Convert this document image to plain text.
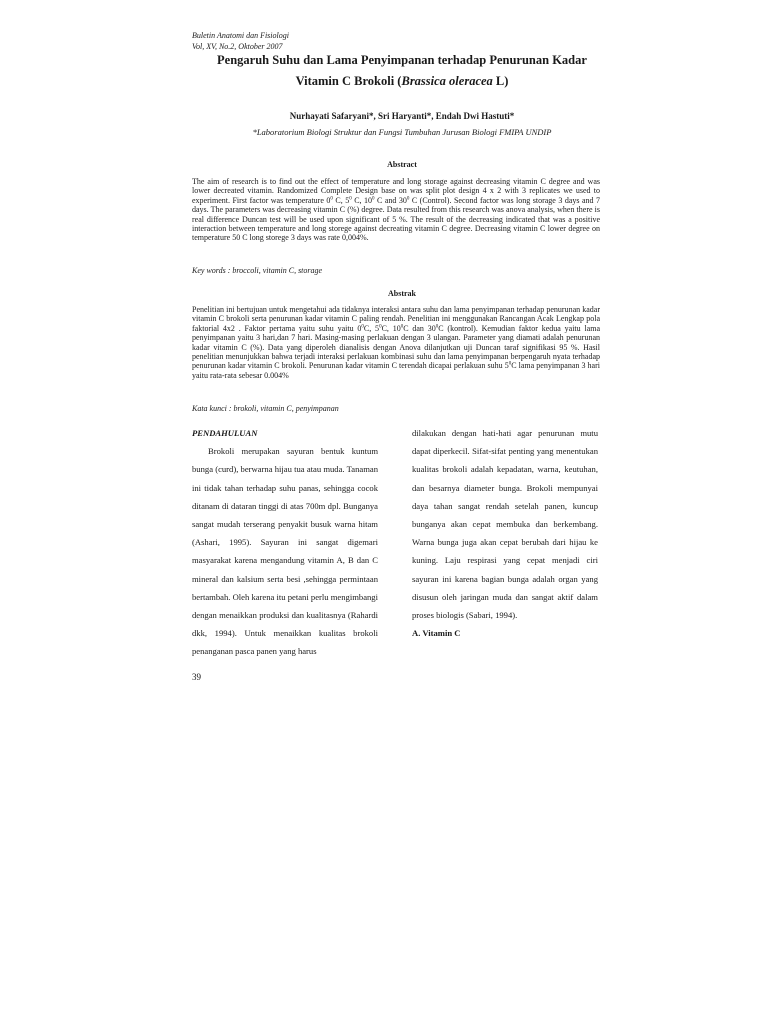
Buletin Anatomi dan Fisiologi
Vol, XV, No.2, Oktober 2007
Pengaruh Suhu dan Lama Penyimpanan terhadap Penurunan Kadar
Vitamin C Brokoli (Brassica oleracea L)
Nurhayati Safaryani*, Sri Haryanti*, Endah Dwi Hastuti*
*Laboratorium Biologi Struktur dan Fungsi Tumbuhan Jurusan Biologi FMIPA UNDIP
Abstract
The aim of research is to find out the effect of temperature and long storage against decreasing vitamin C degree and was lower decreated vitamin. Randomized Complete Design base on was split plot design 4 x 2 with 3 replicates we used to experiment. First factor was temperature $0^0$ C, $5^0$ C, $10^0$ C and $30^0$ C (Control). Second factor was long storage 3 days and 7 days. The parameters was decreasing vitamin C (%) degree. Data resulted from this research was anova analysis, when there is real difference Duncan test will be used upon significant of 5 %. The result of the decreasing indicated that was a positive interaction between temperature and long storege against decreating vitamin C degree. Decreasing vitamin C lower degree on temperature 50 C long storege 3 days was rate 0,004%.
Key words : broccoli, vitamin C, storage
Abstrak
Penelitian ini bertujuan untuk mengetahui ada tidaknya interaksi antara suhu dan lama penyimpanan terhadap penurunan kadar vitamin C brokoli serta penurunan kadar vitamin C paling rendah. Penelitian ini menggunakan Rancangan Acak Lengkap pola faktorial 4x2 . Faktor pertama yaitu suhu yaitu $0^0C$, $5^0C$, $10^0C$ dan $30^0C$ (kontrol). Kemudian faktor kedua yaitu lama penyimpanan yaitu 3 hari,dan 7 hari. Masing-masing perlakuan dengan 3 ulangan. Parameter yang diamati adalah penurunan kadar vitamin C (%). Data yang diperoleh dianalisis dengan Anova dilanjutkan uji Duncan taraf signifikasi 95 %. Hasil penelitian menunjukkan bahwa terjadi interaksi perlakuan kombinasi suhu dan lama penyimpanan berpengaruh nyata terhadap penurunan kadar vitamin C brokoli. Penurunan kadar vitamin C terendah dicapai perlakuan suhu $5^0C$ lama penyimpanan 3 hari yaitu rata-rata sebesar 0.004%
Kata kunci : brokoli, vitamin C, penyimpanan

PENDAHULUAN

Brokoli merupakan sayuran bentuk kuntum bunga (curd), berwarna hijau tua atau muda. Tanaman ini tidak tahan terhadap suhu panas, sehingga cocok ditanam di dataran tinggi di atas 700m dpl. Bunganya sangat mudah terserang penyakit busuk warna hitam (Ashari, 1995). Sayuran ini sangat digemari masyarakat karena mengandung vitamin A, B dan C mineral dan kalsium serta besi ,sehingga permintaan bertambah. Oleh karena itu petani perlu mengimbangi dengan menaikkan produksi dan kualitasnya (Rahardi dkk, 1994). Untuk menaikkan kualitas brokoli penanganan pasca panen yang harus

dilakukan dengan hati-hati agar penurunan mutu dapat diperkecil. Sifat-sifat penting yang menentukan kualitas brokoli adalah kepadatan, warna, keutuhan, dan besarnya diameter bunga. Brokoli mempunyai daya tahan sangat rendah setelah panen, kuncup bunganya akan cepat membuka dan berkembang. Warna bunga juga akan cepat berubah dari hijau ke kuning. Laju respirasi yang cepat menjadi ciri sayuran ini karena bagian bunga adalah organ yang disusun oleh jaringan muda dan sangat aktif dalam proses biologis (Sabari, 1994).

A. Vitamin C

39
